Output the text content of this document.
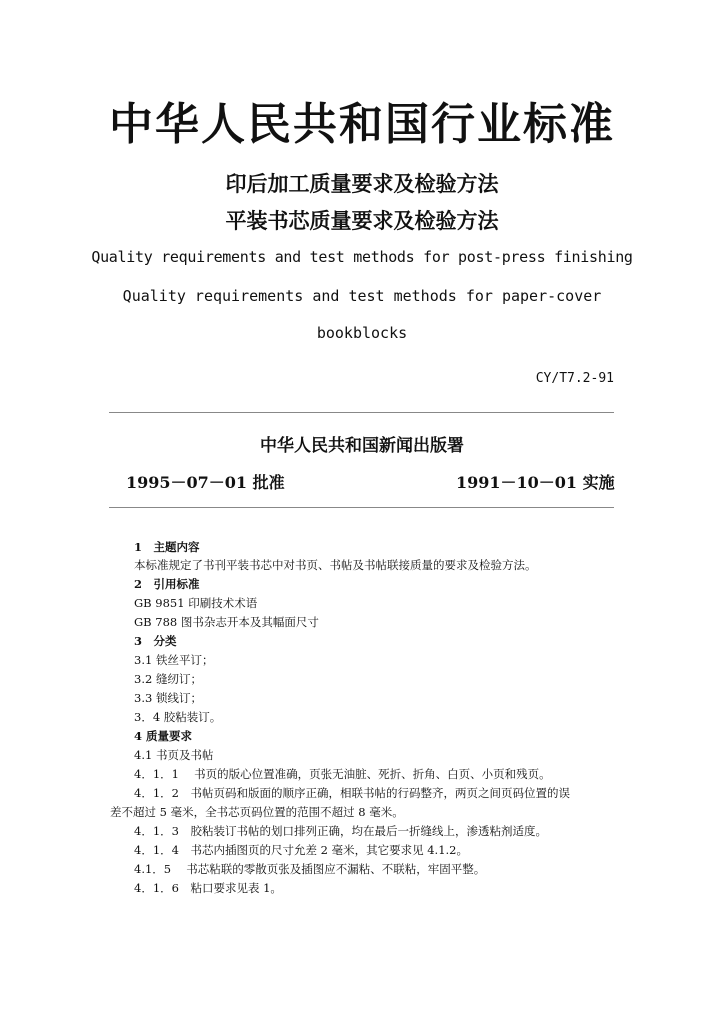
中华人民共和国行业标准
印后加工质量要求及检验方法
平装书芯质量要求及检验方法
Quality requirements and test methods for post-press finishing
Quality requirements and test methods for paper-cover
bookblocks
CY/T7.2-91
中华人民共和国新闻出版署
1995－07－01 批准	1991－10－01 实施
1　主题内容
本标准规定了书刊平装书芯中对书页、书帖及书帖联接质量的要求及检验方法。
2　引用标准
GB 9851 印刷技术术语
GB 788 图书杂志开本及其幅面尺寸
3　分类
3.1 铁丝平订；
3.2 缝纫订；
3.3 锁线订；
3．4 胶粘装订。
4 质量要求
4.1 书页及书帖
4．1．1　 书页的版心位置准确，页张无油脏、死折、折角、白页、小页和残页。
4．1．2　书帖页码和版面的顺序正确，相联书帖的行码整齐，两页之间页码位置的误
差不超过 5 毫米，全书芯页码位置的范围不超过 8 毫米。
4．1．3　胶粘装订书帖的划口排列正确，均在最后一折缝线上，渗透粘剂适度。
4．1．4　书芯内插图页的尺寸允差 2 毫米，其它要求见 4.1.2。
4.1．5　 书芯粘联的零散页张及插图应不漏粘、不联粘，牢固平整。
4．1．6　粘口要求见表 1。
